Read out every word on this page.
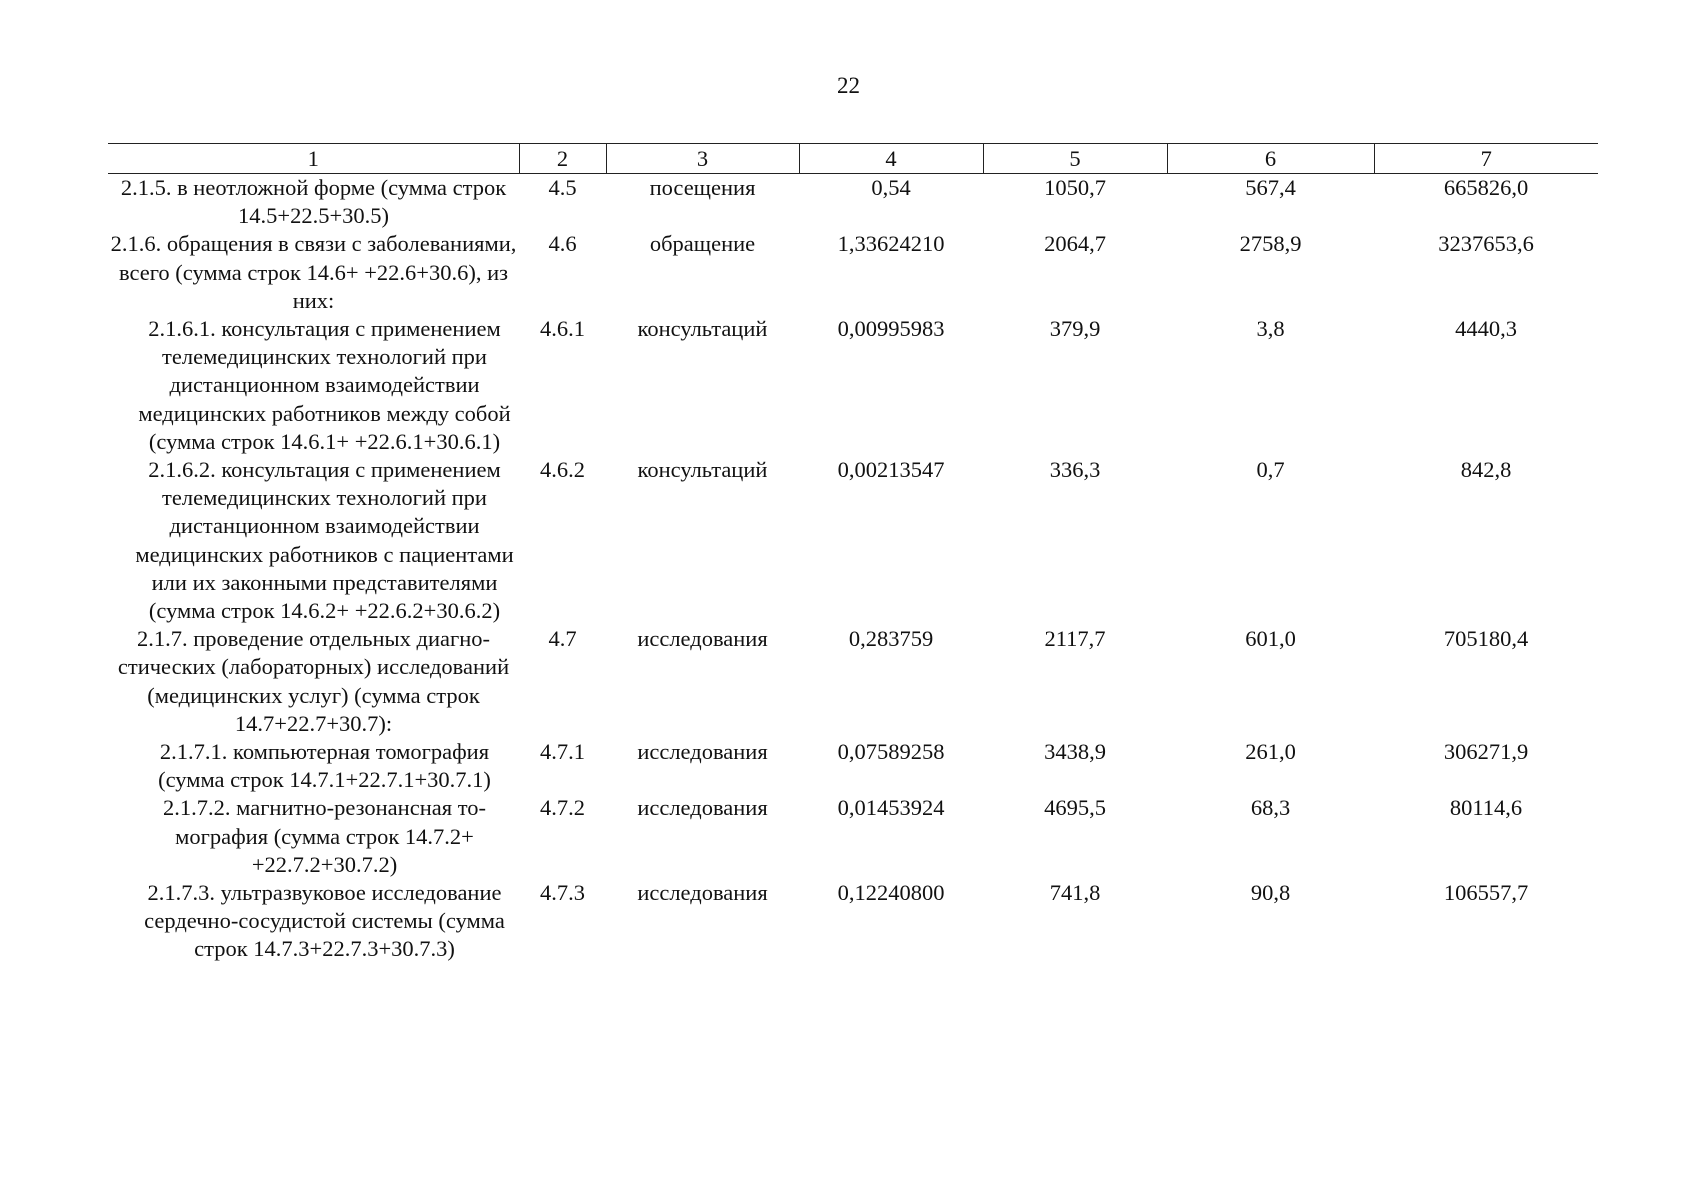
22
1	2	3	4	5	6	7
2.1.5. в неотложной форме (сумма строк 14.5+22.5+30.5)	4.5	посещения	0,54	1050,7	567,4	665826,0
2.1.6. обращения в связи с заболеваниями, всего (сумма строк 14.6+ +22.6+30.6), из них:	4.6	обращение	1,33624210	2064,7	2758,9	3237653,6
2.1.6.1. консультация с применением телемедицинских технологий при дистанционном взаимодействии медицинских работников между собой (сумма строк 14.6.1+ +22.6.1+30.6.1)	4.6.1	консультаций	0,00995983	379,9	3,8	4440,3
2.1.6.2. консультация с применением телемедицинских технологий при дистанционном взаимодействии медицинских работников с пациентами или их законными представителями (сумма строк 14.6.2+ +22.6.2+30.6.2)	4.6.2	консультаций	0,00213547	336,3	0,7	842,8
2.1.7. проведение отдельных диагностических (лабораторных) исследований (медицинских услуг) (сумма строк 14.7+22.7+30.7):	4.7	исследования	0,283759	2117,7	601,0	705180,4
2.1.7.1. компьютерная томография (сумма строк 14.7.1+22.7.1+30.7.1)	4.7.1	исследования	0,07589258	3438,9	261,0	306271,9
2.1.7.2. магнитно-резонансная томография (сумма строк 14.7.2+ +22.7.2+30.7.2)	4.7.2	исследования	0,01453924	4695,5	68,3	80114,6
2.1.7.3. ультразвуковое исследование сердечно-сосудистой системы (сумма строк 14.7.3+22.7.3+30.7.3)	4.7.3	исследования	0,12240800	741,8	90,8	106557,7
